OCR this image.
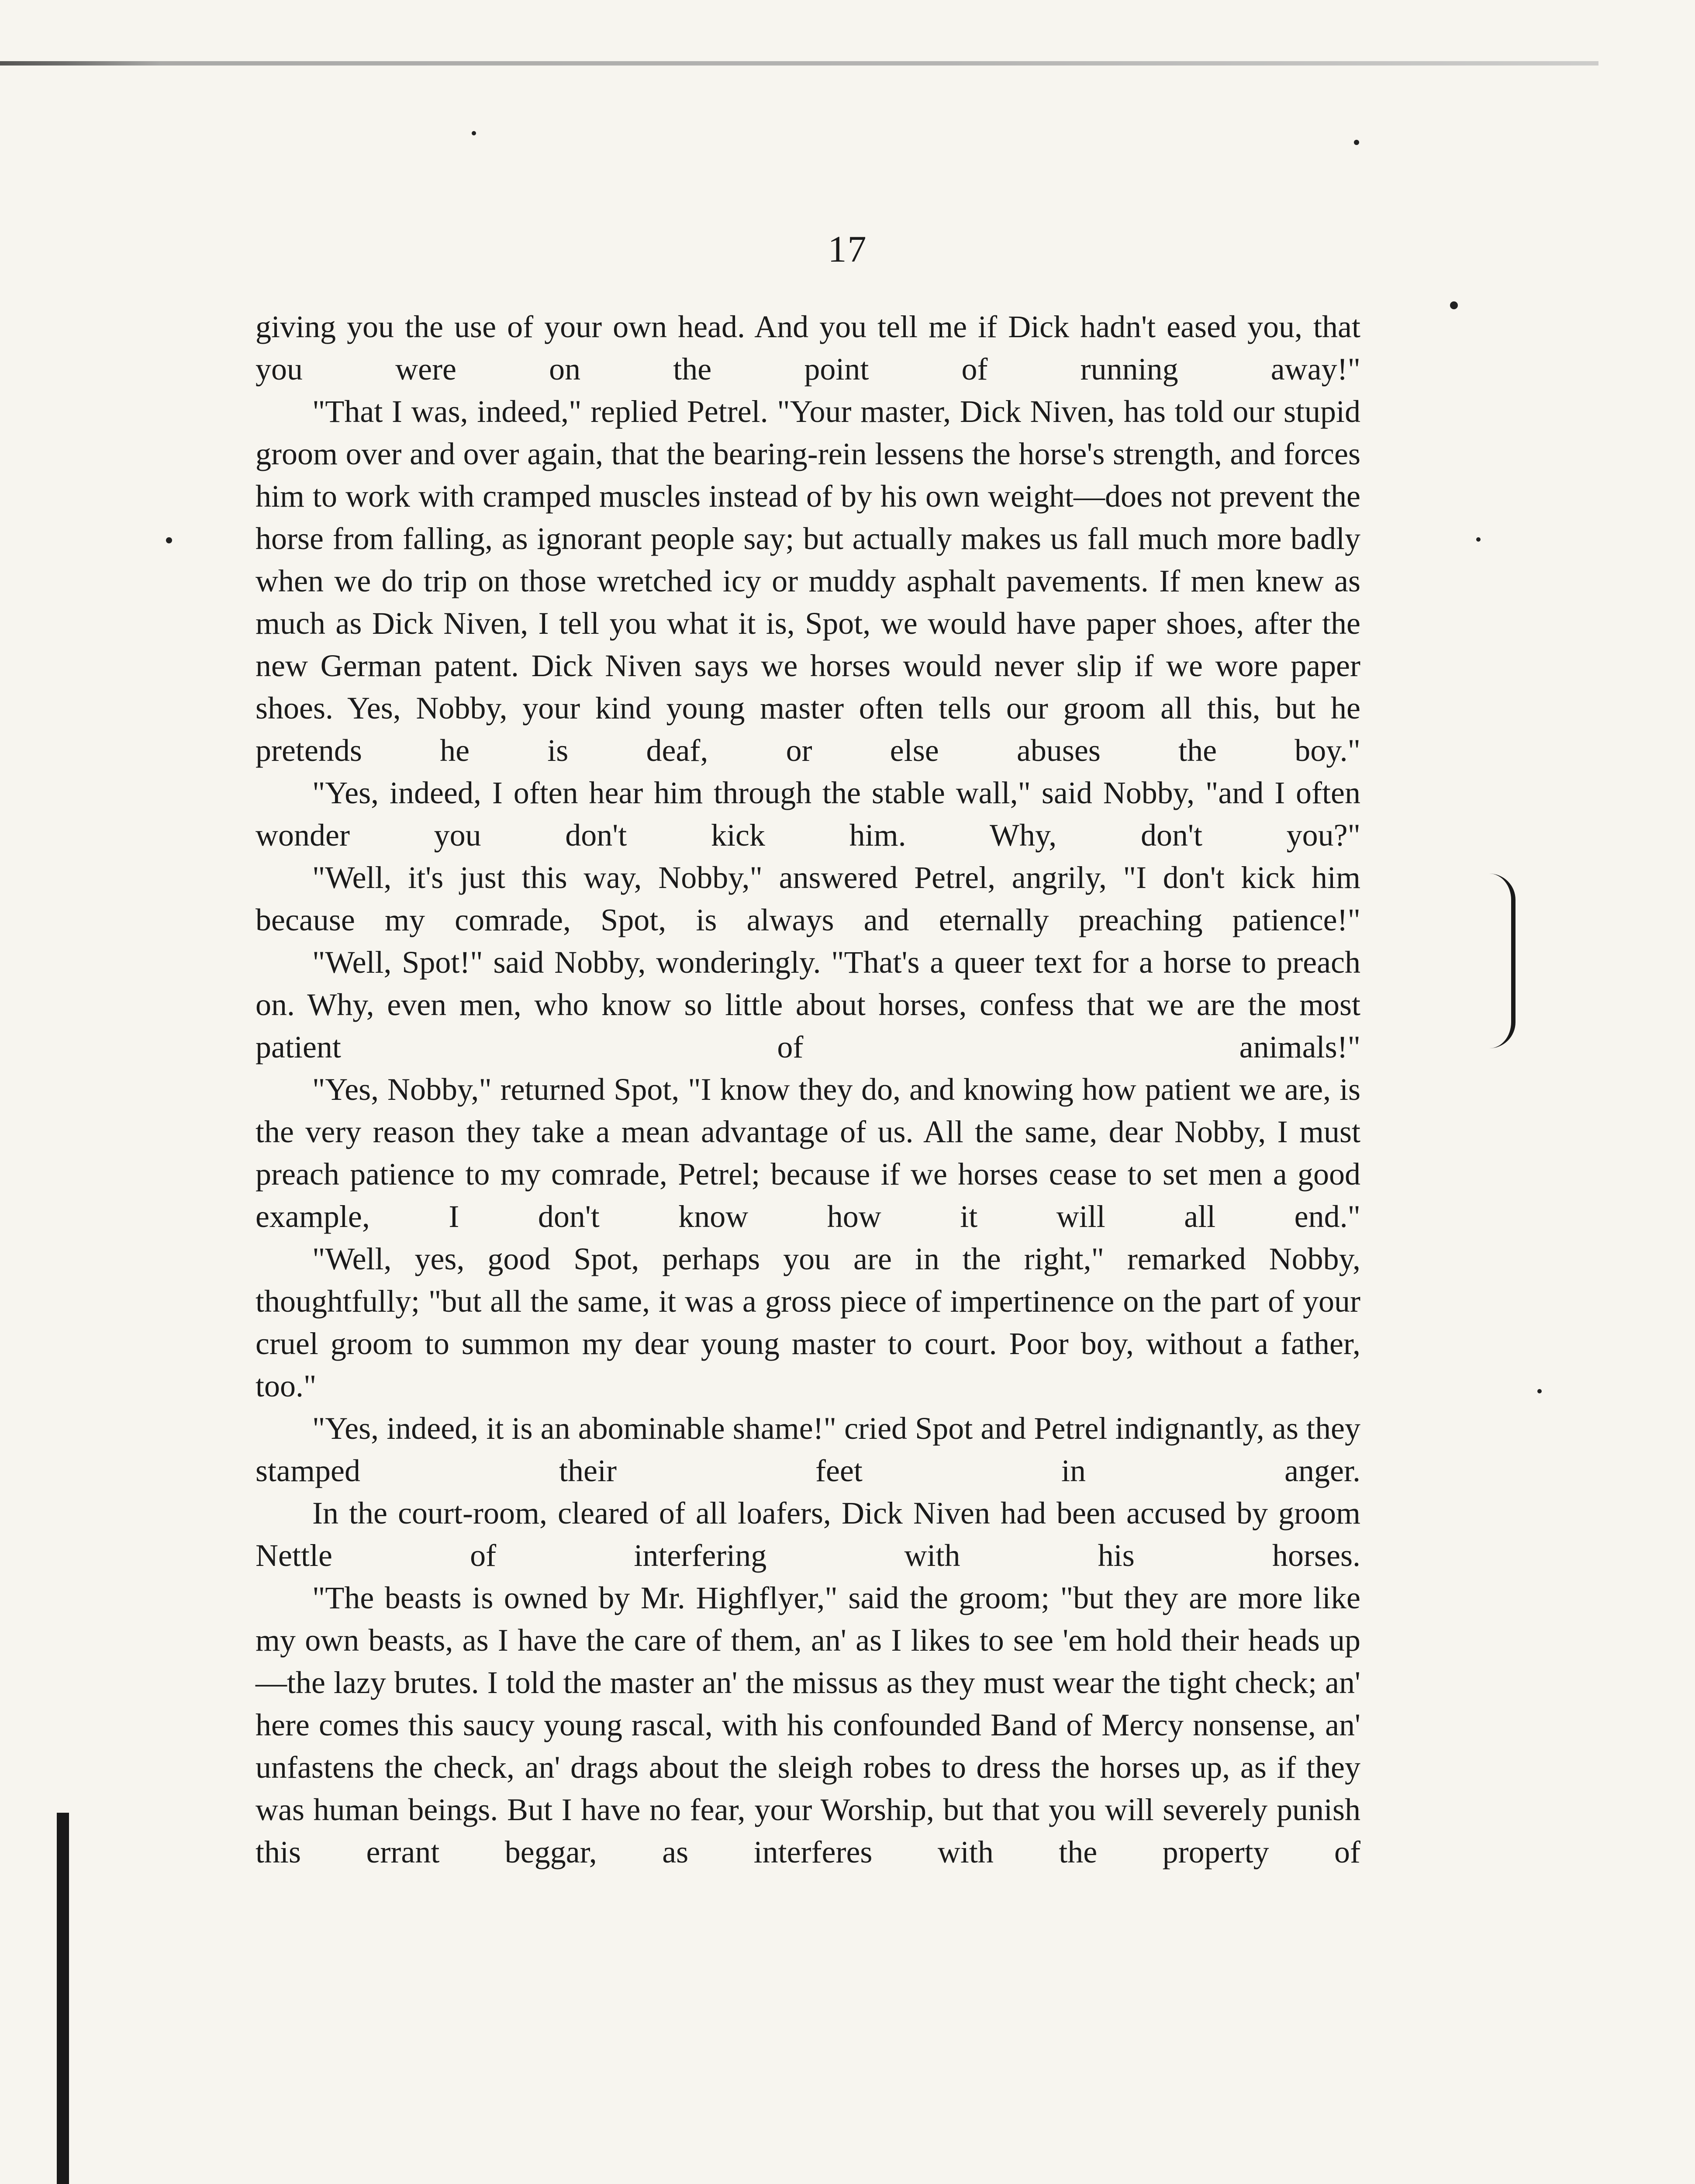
17

giving you the use of your own head. And you tell me if Dick hadn't eased you, that you were on the point of running away!"

"That I was, indeed," replied Petrel. "Your master, Dick Niven, has told our stupid groom over and over again, that the bearing-rein lessens the horse's strength, and forces him to work with cramped muscles instead of by his own weight—does not prevent the horse from falling, as ignorant people say; but actually makes us fall much more badly when we do trip on those wretched icy or muddy asphalt pavements. If men knew as much as Dick Niven, I tell you what it is, Spot, we would have paper shoes, after the new German patent. Dick Niven says we horses would never slip if we wore paper shoes. Yes, Nobby, your kind young master often tells our groom all this, but he pretends he is deaf, or else abuses the boy."

"Yes, indeed, I often hear him through the stable wall," said Nobby, "and I often wonder you don't kick him. Why, don't you?"

"Well, it's just this way, Nobby," answered Petrel, angrily, "I don't kick him because my comrade, Spot, is always and eternally preaching patience!"

"Well, Spot!" said Nobby, wonderingly. "That's a queer text for a horse to preach on. Why, even men, who know so little about horses, confess that we are the most patient of animals!"

"Yes, Nobby," returned Spot, "I know they do, and knowing how patient we are, is the very reason they take a mean advantage of us. All the same, dear Nobby, I must preach patience to my comrade, Petrel; because if we horses cease to set men a good example, I don't know how it will all end."

"Well, yes, good Spot, perhaps you are in the right," remarked Nobby, thoughtfully; "but all the same, it was a gross piece of impertinence on the part of your cruel groom to summon my dear young master to court. Poor boy, without a father, too."

"Yes, indeed, it is an abominable shame!" cried Spot and Petrel indignantly, as they stamped their feet in anger.

In the court-room, cleared of all loafers, Dick Niven had been accused by groom Nettle of interfering with his horses.

"The beasts is owned by Mr. Highflyer," said the groom; "but they are more like my own beasts, as I have the care of them, an' as I likes to see 'em hold their heads up—the lazy brutes. I told the master an' the missus as they must wear the tight check; an' here comes this saucy young rascal, with his confounded Band of Mercy nonsense, an' unfastens the check, an' drags about the sleigh robes to dress the horses up, as if they was human beings. But I have no fear, your Worship, but that you will severely punish this errant beggar, as interferes with the property of
